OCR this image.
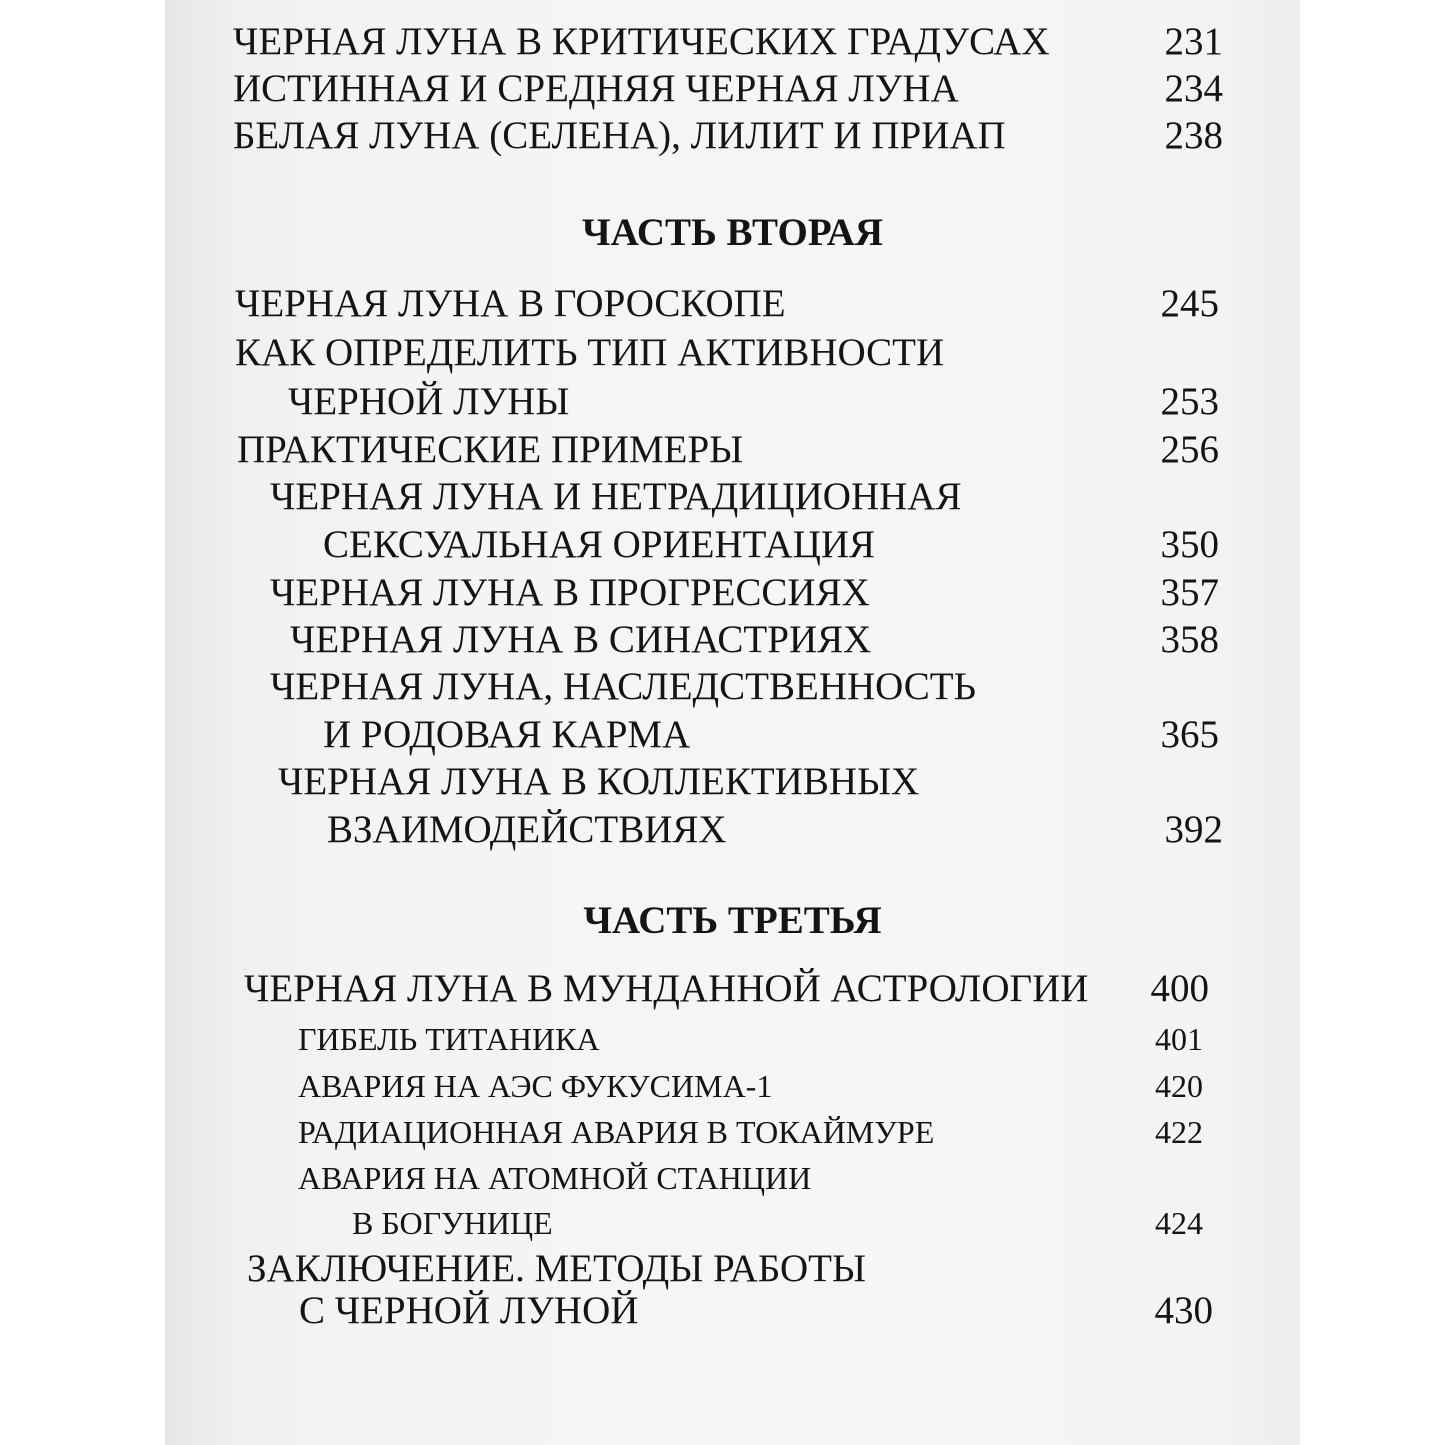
ЧЕРНАЯ ЛУНА В КРИТИЧЕСКИХ ГРАДУСАХ	231
ИСТИННАЯ И СРЕДНЯЯ ЧЕРНАЯ ЛУНА	234
БЕЛАЯ ЛУНА (СЕЛЕНА), ЛИЛИТ И ПРИАП	238
ЧАСТЬ ВТОРАЯ
ЧЕРНАЯ ЛУНА В ГОРОСКОПЕ	245
КАК ОПРЕДЕЛИТЬ ТИП АКТИВНОСТИ
ЧЕРНОЙ ЛУНЫ	253
ПРАКТИЧЕСКИЕ ПРИМЕРЫ	256
ЧЕРНАЯ ЛУНА И НЕТРАДИЦИОННАЯ
СЕКСУАЛЬНАЯ ОРИЕНТАЦИЯ	350
ЧЕРНАЯ ЛУНА В ПРОГРЕССИЯХ	357
ЧЕРНАЯ ЛУНА В СИНАСТРИЯХ	358
ЧЕРНАЯ ЛУНА, НАСЛЕДСТВЕННОСТЬ
И РОДОВАЯ КАРМА	365
ЧЕРНАЯ ЛУНА В КОЛЛЕКТИВНЫХ
ВЗАИМОДЕЙСТВИЯХ	392
ЧАСТЬ ТРЕТЬЯ
ЧЕРНАЯ ЛУНА В МУНДАННОЙ АСТРОЛОГИИ	400
ГИБЕЛЬ ТИТАНИКА	401
АВАРИЯ НА АЭС ФУКУСИМА-1	420
РАДИАЦИОННАЯ АВАРИЯ В ТОКАЙМУРЕ	422
АВАРИЯ НА АТОМНОЙ СТАНЦИИ
В БОГУНИЦЕ	424
ЗАКЛЮЧЕНИЕ. МЕТОДЫ РАБОТЫ
С ЧЕРНОЙ ЛУНОЙ	430
